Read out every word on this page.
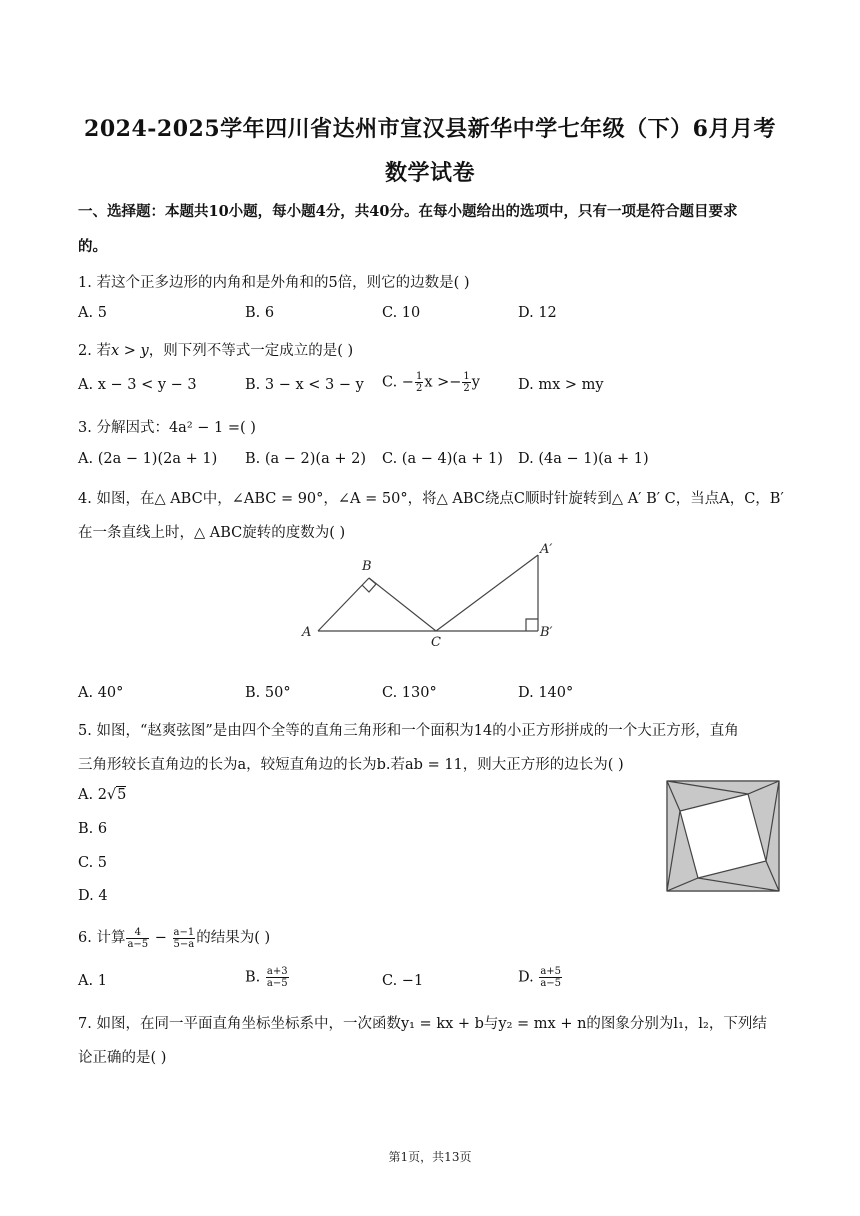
2024-2025学年四川省达州市宣汉县新华中学七年级（下）6月月考
数学试卷
一、选择题：本题共10小题，每小题4分，共40分。在每小题给出的选项中，只有一项是符合题目要求
的。
1. 若这个正多边形的内角和是外角和的5倍，则它的边数是( )
A. 5	B. 6	C. 10	D. 12
2. 若x > y，则下列不等式一定成立的是( )
A. x − 3 < y − 3	B. 3 − x < 3 − y C. − $\frac{1}{2}$ $x >- \frac{1}{2}$ y	D. mx > my
3. 分解因式：4a² − 1 =( )
A. (2a − 1)(2a + 1) B. (a − 2)(a + 2) C. (a − 4)(a + 1) D. (4a − 1)(a + 1)
4. 如图，在△ ABC中，∠ABC = 90°，∠A = 50°，将△ ABC绕点C顺时针旋转到△ A′ B′ C，当点A，C，B′
在一条直线上时，△ ABC旋转的度数为( )
A
B
C
A′
B′
A. 40°	B. 50°	C. 130°	D. 140°
5. 如图，“赵爽弦图”是由四个全等的直角三角形和一个面积为14的小正方形拼成的一个大正方形，直角
三角形较长直角边的长为a，较短直角边的长为b.若ab = 11，则大正方形的边长为( )
A. 2√5
B. 6
C. 5
D. 4
6. 计算 $\frac{4}{a-5} - \frac{a-1}{5-a}$ 的结果为( )
A. 1	B. $\frac{a+3}{a-5}$	C. −1	D. $\frac{a+5}{a-5}$
7. 如图，在同一平面直角坐标坐标系中，一次函数y₁ = kx + b与y₂ = mx + n的图象分别为l₁，l₂，下列结
论正确的是( )
第1页，共13页
